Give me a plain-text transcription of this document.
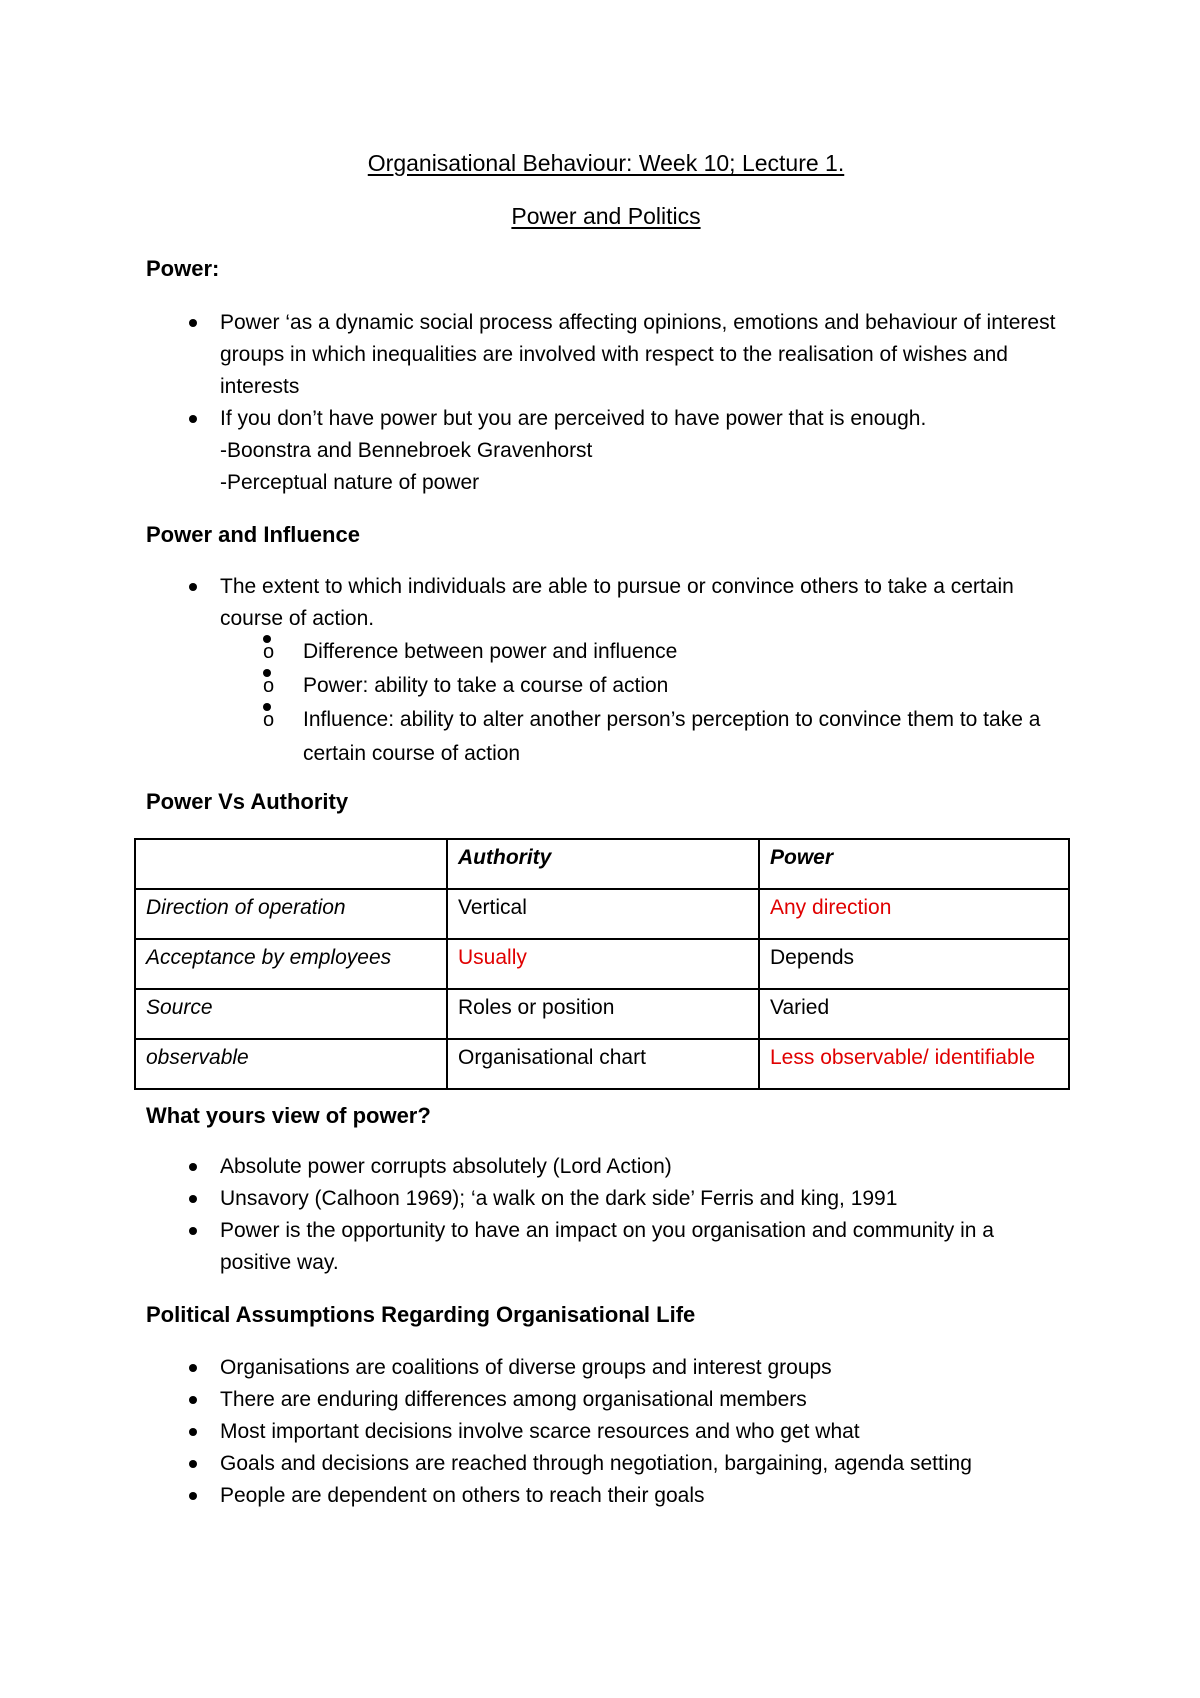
Organisational Behaviour: Week 10; Lecture 1.
Power and Politics
Power:
Power ‘as a dynamic social process affecting opinions, emotions and behaviour of interest groups in which inequalities are involved with respect to the realisation of wishes and interests
If you don’t have power but you are perceived to have power that is enough.
-Boonstra and Bennebroek Gravenhorst
-Perceptual nature of power
Power and Influence
The extent to which individuals are able to pursue or convince others to take a certain course of action.
o Difference between power and influence
o Power: ability to take a course of action
o Influence: ability to alter another person’s perception to convince them to take a certain course of action
Power Vs Authority
	Authority	Power
Direction of operation	Vertical	Any direction
Acceptance by employees	Usually	Depends
Source	Roles or position	Varied
observable	Organisational chart	Less observable/ identifiable
What yours view of power?
Absolute power corrupts absolutely (Lord Action)
Unsavory (Calhoon 1969); ‘a walk on the dark side’ Ferris and king, 1991
Power is the opportunity to have an impact on you organisation and community in a positive way.
Political Assumptions Regarding Organisational Life
Organisations are coalitions of diverse groups and interest groups
There are enduring differences among organisational members
Most important decisions involve scarce resources and who get what
Goals and decisions are reached through negotiation, bargaining, agenda setting
People are dependent on others to reach their goals
